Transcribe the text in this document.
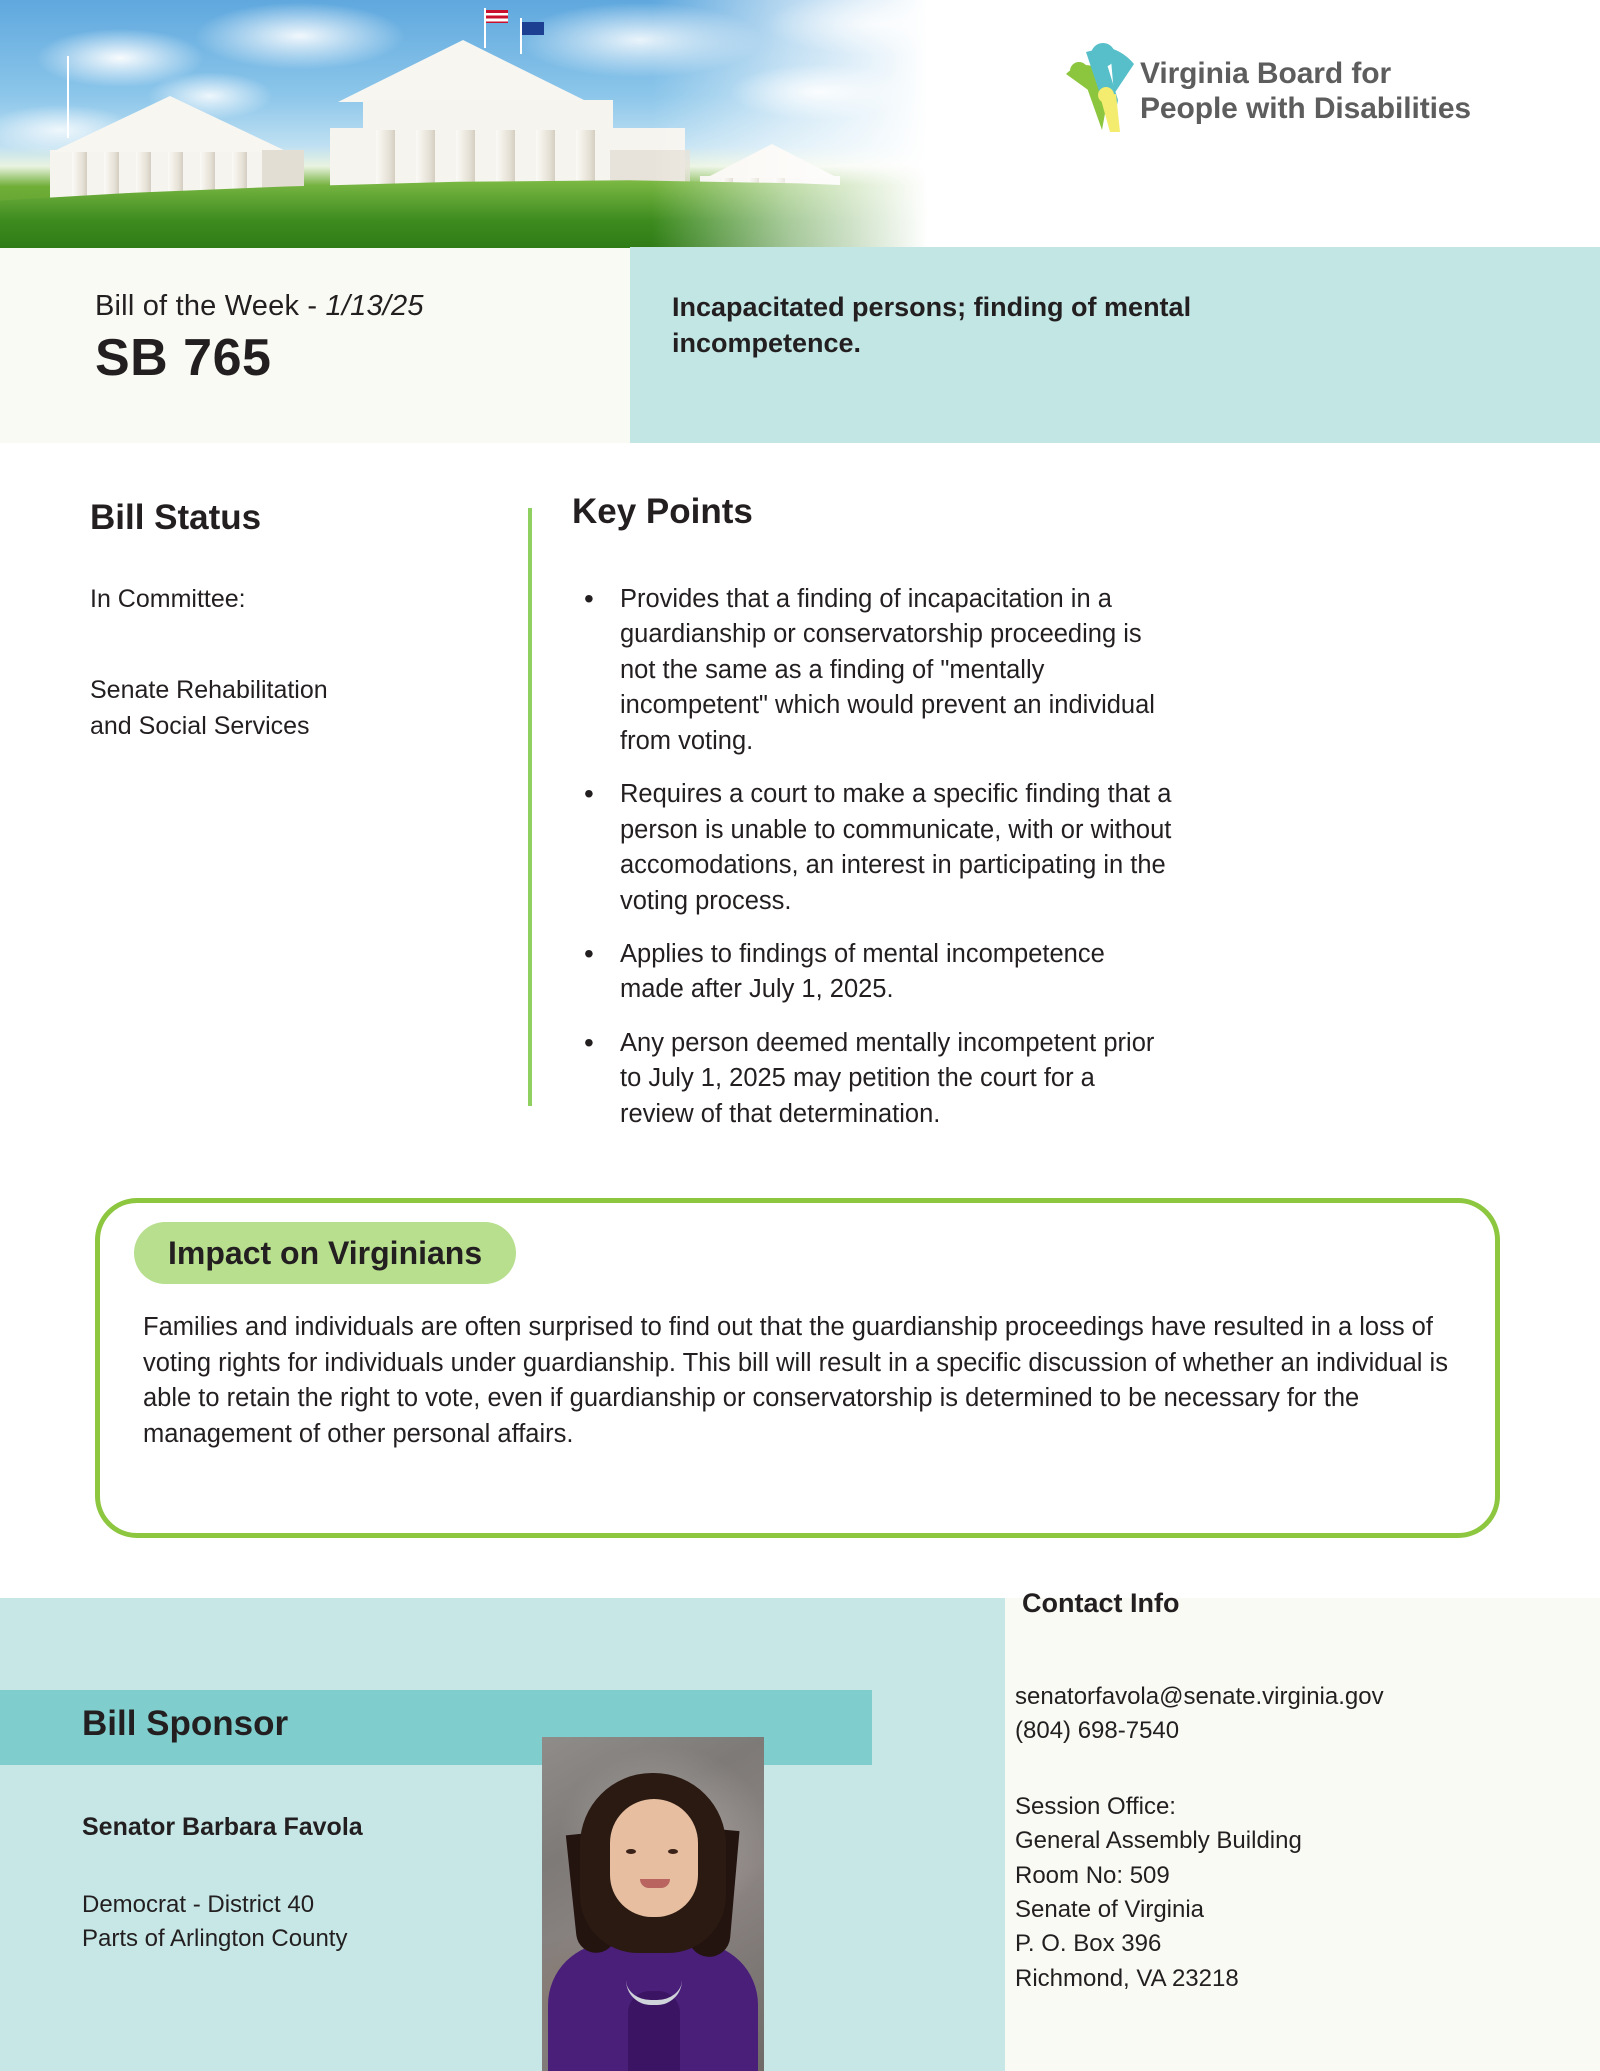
Virginia Board for
People with Disabilities
Bill of the Week - 1/13/25
SB 765
Incapacitated persons; finding of mental incompetence.
Bill Status
In Committee:
Senate Rehabilitation and Social Services
Key Points
• Provides that a finding of incapacitation in a guardianship or conservatorship proceeding is not the same as a finding of "mentally incompetent" which would prevent an individual from voting.
• Requires a court to make a specific finding that a person is unable to communicate, with or without accomodations, an interest in participating in the voting process.
• Applies to findings of mental incompetence made after July 1, 2025.
• Any person deemed mentally incompetent prior to July 1, 2025 may petition the court for a review of that determination.
Impact on Virginians
Families and individuals are often surprised to find out that the guardianship proceedings have resulted in a loss of voting rights for individuals under guardianship. This bill will result in a specific discussion of whether an individual is able to retain the right to vote, even if guardianship or conservatorship is determined to be necessary for the management of other personal affairs.
Bill Sponsor
Senator Barbara Favola
Democrat - District 40
Parts of Arlington County
Contact Info
senatorfavola@senate.virginia.gov
(804) 698-7540
Session Office:
General Assembly Building
Room No: 509
Senate of Virginia
P. O. Box 396
Richmond, VA 23218
